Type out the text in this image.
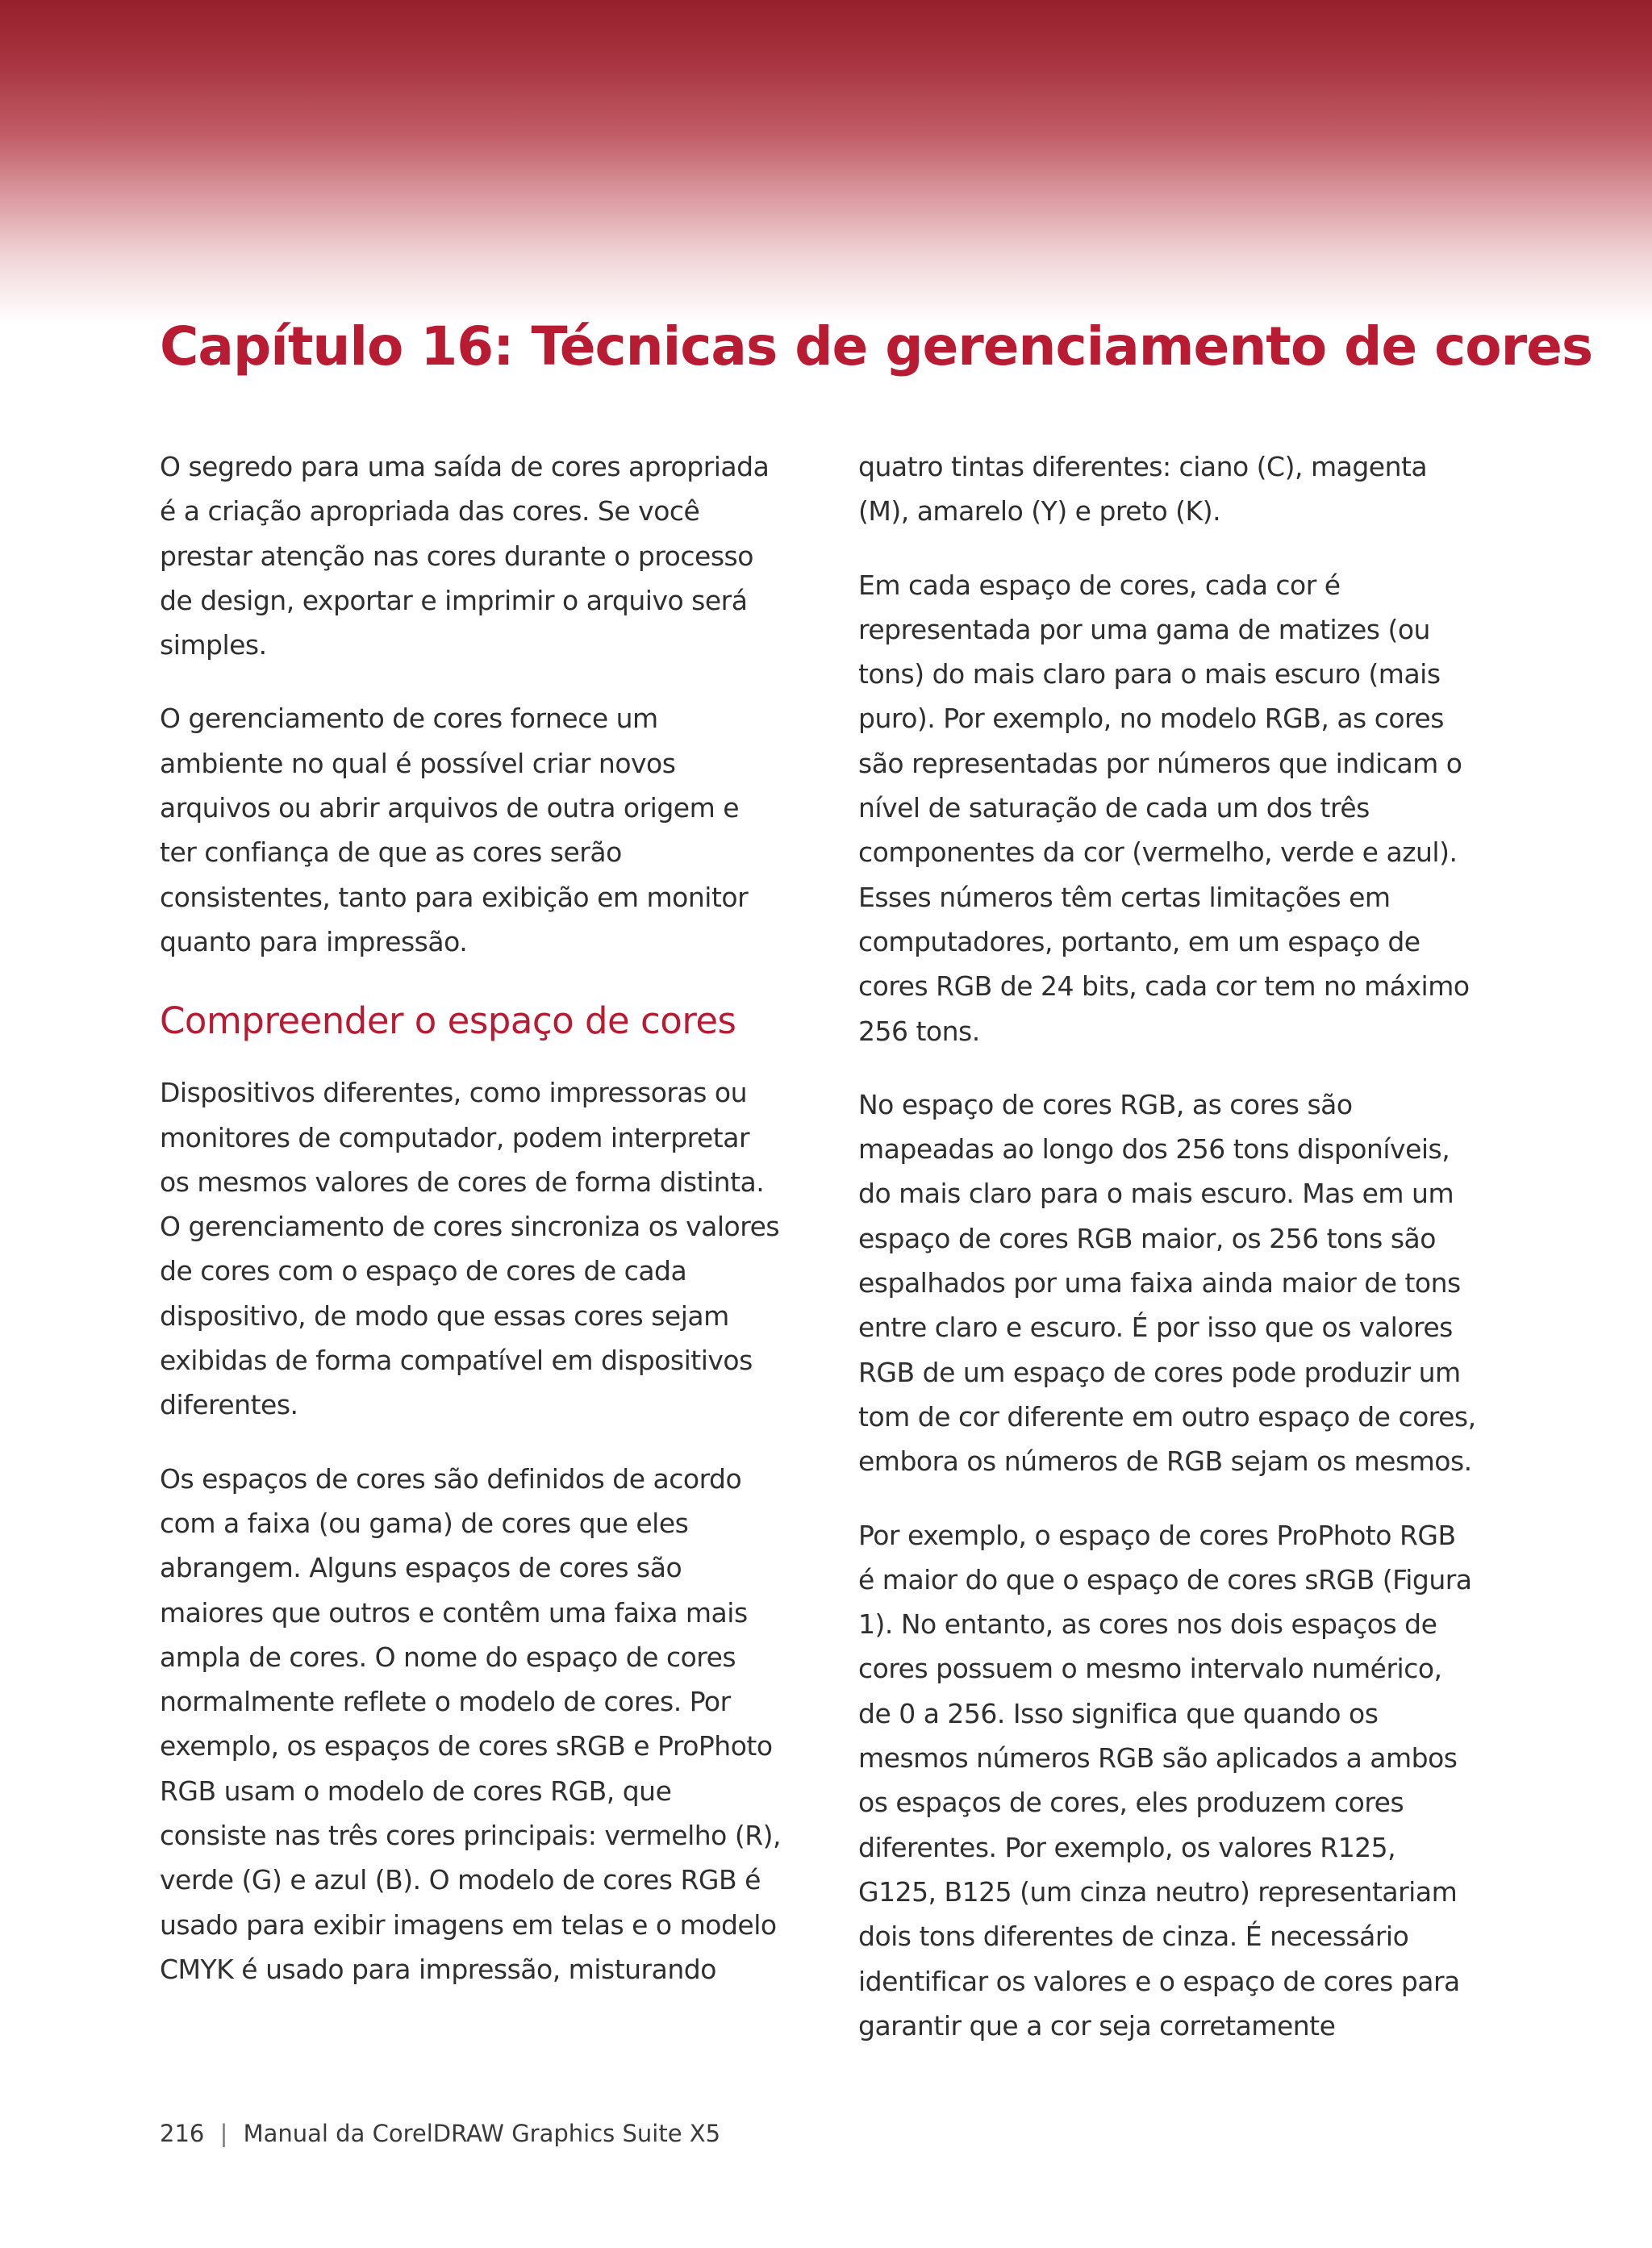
Capítulo 16: Técnicas de gerenciamento de cores

O segredo para uma saída de cores apropriada
é a criação apropriada das cores. Se você
prestar atenção nas cores durante o processo
de design, exportar e imprimir o arquivo será
simples.

O gerenciamento de cores fornece um
ambiente no qual é possível criar novos
arquivos ou abrir arquivos de outra origem e
ter confiança de que as cores serão
consistentes, tanto para exibição em monitor
quanto para impressão.

Compreender o espaço de cores

Dispositivos diferentes, como impressoras ou
monitores de computador, podem interpretar
os mesmos valores de cores de forma distinta.
O gerenciamento de cores sincroniza os valores
de cores com o espaço de cores de cada
dispositivo, de modo que essas cores sejam
exibidas de forma compatível em dispositivos
diferentes.

Os espaços de cores são definidos de acordo
com a faixa (ou gama) de cores que eles
abrangem. Alguns espaços de cores são
maiores que outros e contêm uma faixa mais
ampla de cores. O nome do espaço de cores
normalmente reflete o modelo de cores. Por
exemplo, os espaços de cores sRGB e ProPhoto
RGB usam o modelo de cores RGB, que
consiste nas três cores principais: vermelho (R),
verde (G) e azul (B). O modelo de cores RGB é
usado para exibir imagens em telas e o modelo
CMYK é usado para impressão, misturando

quatro tintas diferentes: ciano (C), magenta
(M), amarelo (Y) e preto (K).

Em cada espaço de cores, cada cor é
representada por uma gama de matizes (ou
tons) do mais claro para o mais escuro (mais
puro). Por exemplo, no modelo RGB, as cores
são representadas por números que indicam o
nível de saturação de cada um dos três
componentes da cor (vermelho, verde e azul).
Esses números têm certas limitações em
computadores, portanto, em um espaço de
cores RGB de 24 bits, cada cor tem no máximo
256 tons.

No espaço de cores RGB, as cores são
mapeadas ao longo dos 256 tons disponíveis,
do mais claro para o mais escuro. Mas em um
espaço de cores RGB maior, os 256 tons são
espalhados por uma faixa ainda maior de tons
entre claro e escuro. É por isso que os valores
RGB de um espaço de cores pode produzir um
tom de cor diferente em outro espaço de cores,
embora os números de RGB sejam os mesmos.

Por exemplo, o espaço de cores ProPhoto RGB
é maior do que o espaço de cores sRGB (Figura
1). No entanto, as cores nos dois espaços de
cores possuem o mesmo intervalo numérico,
de 0 a 256. Isso significa que quando os
mesmos números RGB são aplicados a ambos
os espaços de cores, eles produzem cores
diferentes. Por exemplo, os valores R125,
G125, B125 (um cinza neutro) representariam
dois tons diferentes de cinza. É necessário
identificar os valores e o espaço de cores para
garantir que a cor seja corretamente

216 | Manual da CorelDRAW Graphics Suite X5
